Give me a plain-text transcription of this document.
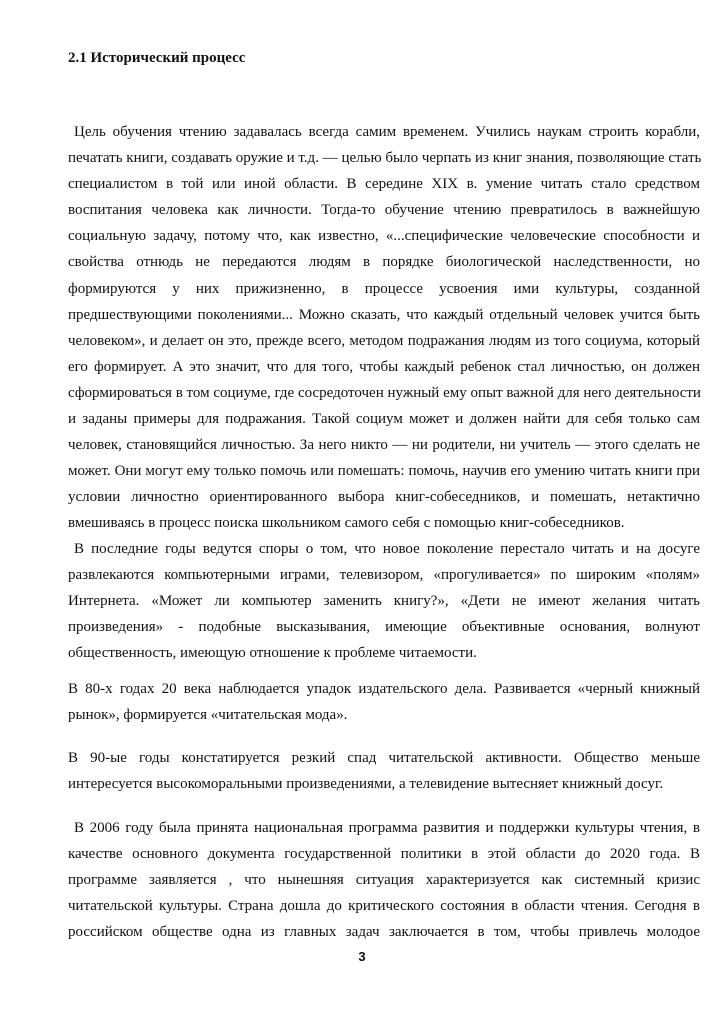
2.1 Исторический процесс
Цель обучения чтению задавалась всегда самим временем. Учились наукам строить корабли,
печатать книги, создавать оружие и т.д. — целью было черпать из книг знания, позволяющие стать
специалистом в той или иной области. В середине XIX в. умение читать стало средством
воспитания человека как личности. Тогда-то обучение чтению превратилось в важнейшую
социальную задачу, потому что, как известно, «...специфические человеческие способности и
свойства отнюдь не передаются людям в порядке биологической наследственности, но
формируются у них прижизненно, в процессе усвоения ими культуры, созданной
предшествующими поколениями... Можно сказать, что каждый отдельный человек учится быть
человеком», и делает он это, прежде всего, методом подражания людям из того социума, который
его формирует. А это значит, что для того, чтобы каждый ребенок стал личностью, он должен
сформироваться в том социуме, где сосредоточен нужный ему опыт важной для него деятельности
и заданы примеры для подражания. Такой социум может и должен найти для себя только сам
человек, становящийся личностью. За него никто — ни родители, ни учитель — этого сделать не
может. Они могут ему только помочь или помешать: помочь, научив его умению читать книги при
условии личностно ориентированного выбора книг-собеседников, и помешать, нетактично
вмешиваясь в процесс поиска школьником самого себя с помощью книг-собеседников.
В последние годы ведутся споры о том, что новое поколение перестало читать и на досуге
развлекаются компьютерными играми, телевизором, «прогуливается» по широким «полям»
Интернета. «Может ли компьютер заменить книгу?», «Дети не имеют желания читать
произведения» - подобные высказывания, имеющие объективные основания, волнуют
общественность, имеющую отношение к проблеме читаемости.
В 80-х годах 20 века наблюдается упадок издательского дела. Развивается «черный книжный
рынок», формируется «читательская мода».
В 90-ые годы констатируется резкий спад читательской активности. Общество меньше
интересуется высокоморальными произведениями, а телевидение вытесняет книжный досуг.
В 2006 году была принята национальная программа развития и поддержки культуры чтения, в
качестве основного документа государственной политики в этой области до 2020 года. В
программе заявляется , что нынешняя ситуация характеризуется как системный кризис
читательской культуры. Страна дошла до критического состояния в области чтения. Сегодня в
российском обществе одна из главных задач заключается в том, чтобы привлечь молодое
3
